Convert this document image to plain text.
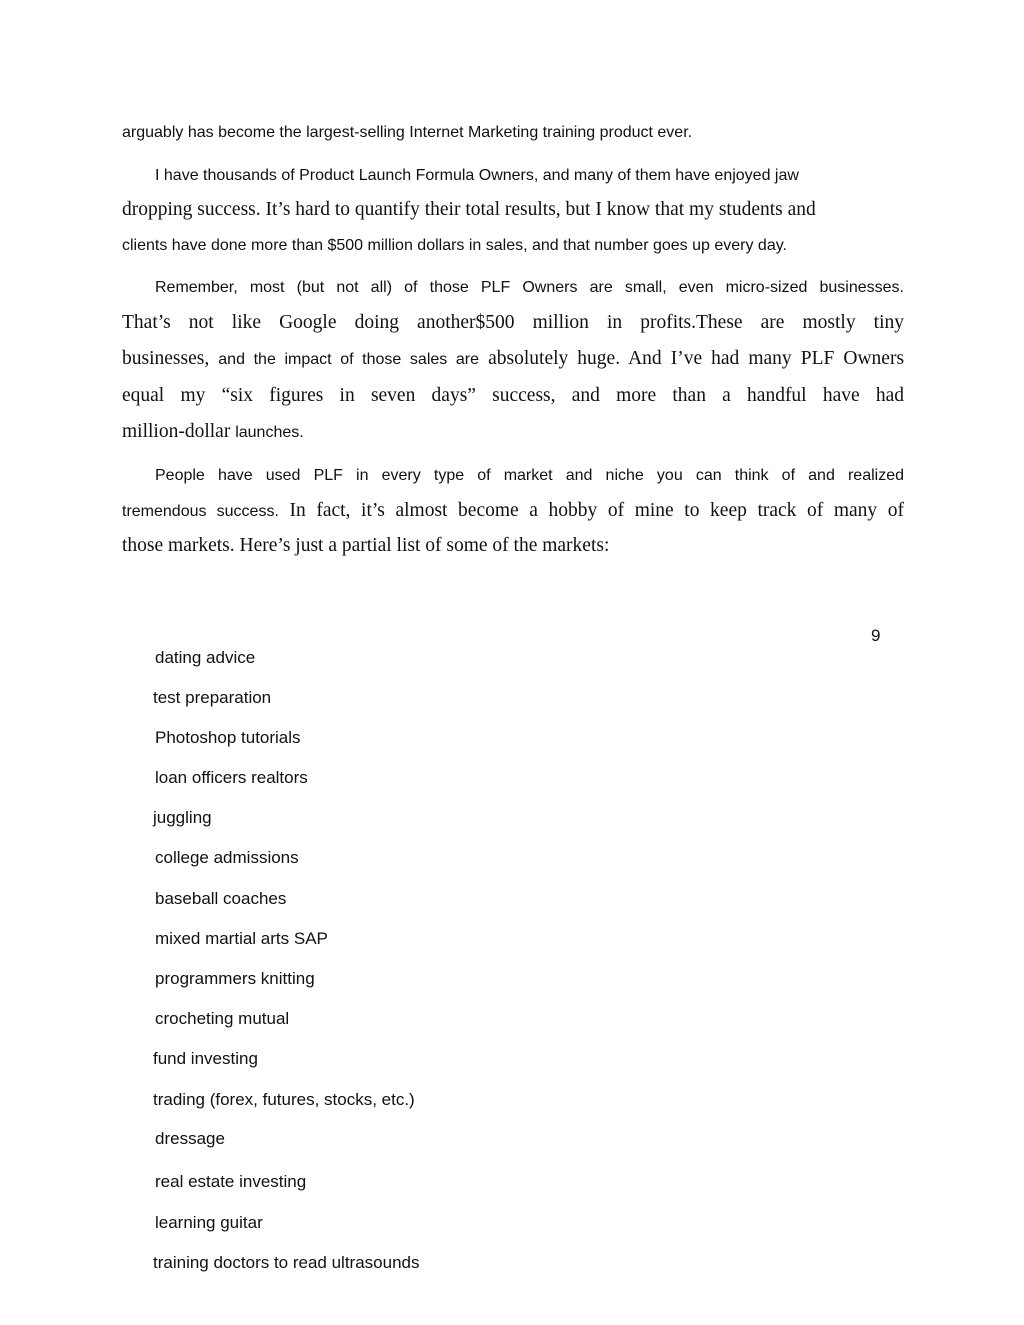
arguably has become the largest-selling Internet Marketing training product ever.
I have thousands of Product Launch Formula Owners, and many of them have enjoyed jaw
dropping success. It’s hard to quantify their total results, but I know that my students and
clients have done more than $500 million dollars in sales, and that number goes up every day.
Remember, most (but not all) of those PLF Owners are small, even micro-sized businesses.
That’s not like Google doing another$500 million in profits.These are mostly tiny
businesses, and the impact of those sales are absolutely huge. And I’ve had many PLF Owners
equal my “six figures in seven days” success, and more than a handful have had
million-dollar launches.
People have used PLF in every type of market and niche you can think of and realized
tremendous success. In fact, it’s almost become a hobby of mine to keep track of many of
those markets. Here’s just a partial list of some of the markets:
9
dating advice
test preparation
Photoshop tutorials
loan officers realtors
juggling
college admissions
baseball coaches
mixed martial arts SAP
programmers knitting
crocheting mutual
fund investing
trading (forex, futures, stocks, etc.)
dressage
real estate investing
learning guitar
training doctors to read ultrasounds
